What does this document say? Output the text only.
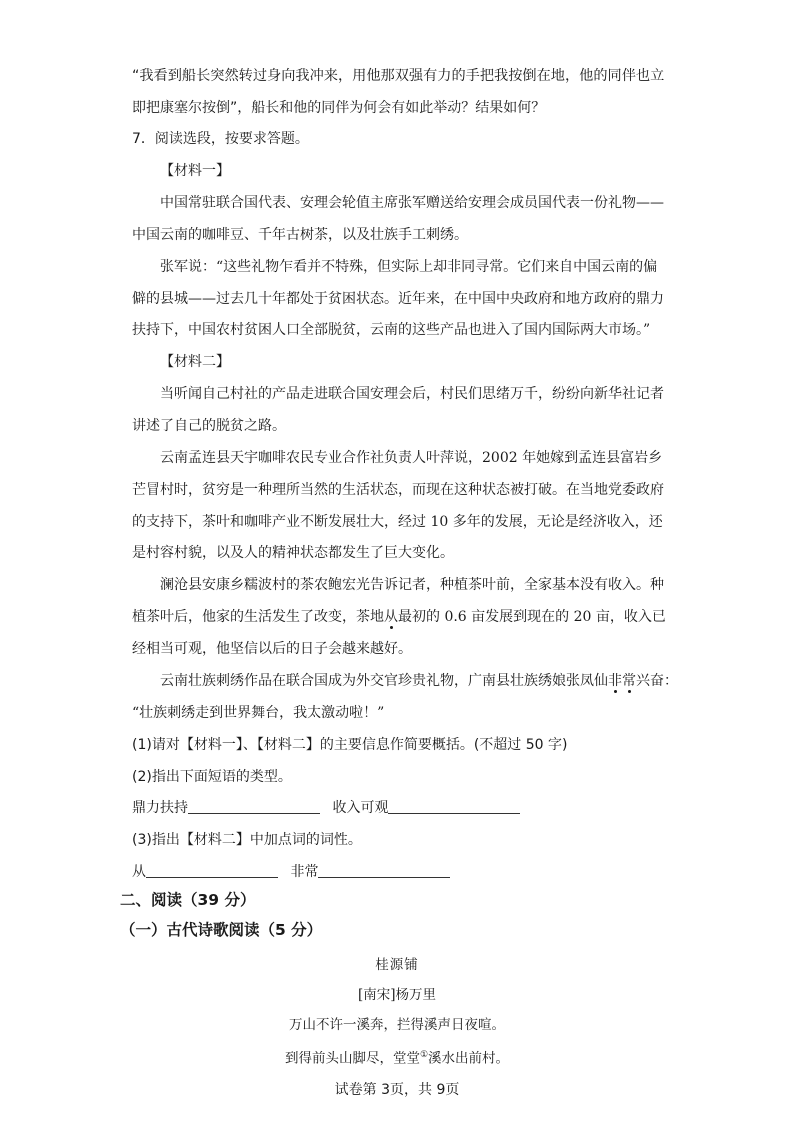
“我看到船长突然转过身向我冲来，用他那双强有力的手把我按倒在地，他的同伴也立
即把康塞尔按倒”，船长和他的同伴为何会有如此举动？结果如何？
7．阅读选段，按要求答题。
【材料一】
中国常驻联合国代表、安理会轮值主席张军赠送给安理会成员国代表一份礼物——
中国云南的咖啡豆、千年古树茶，以及壮族手工刺绣。
张军说：“这些礼物乍看并不特殊，但实际上却非同寻常。它们来自中国云南的偏
僻的县城——过去几十年都处于贫困状态。近年来，在中国中央政府和地方政府的鼎力
扶持下，中国农村贫困人口全部脱贫，云南的这些产品也进入了国内国际两大市场。”
【材料二】
当听闻自己村社的产品走进联合国安理会后，村民们思绪万千，纷纷向新华社记者
讲述了自己的脱贫之路。
云南孟连县天宇咖啡农民专业合作社负责人叶萍说，2002 年她嫁到孟连县富岩乡
芒冒村时，贫穷是一种理所当然的生活状态，而现在这种状态被打破。在当地党委政府
的支持下，茶叶和咖啡产业不断发展壮大，经过 10 多年的发展，无论是经济收入，还
是村容村貌，以及人的精神状态都发生了巨大变化。
澜沧县安康乡糯波村的茶农鲍宏光告诉记者，种植茶叶前，全家基本没有收入。种
植茶叶后，他家的生活发生了改变，茶地从最初的 0.6 亩发展到现在的 20 亩，收入已
经相当可观，他坚信以后的日子会越来越好。
云南壮族刺绣作品在联合国成为外交官珍贵礼物，广南县壮族绣娘张凤仙非常兴奋：
“壮族刺绣走到世界舞台，我太激动啦！”
(1)请对【材料一】、【材料二】的主要信息作简要概括。(不超过 50 字)
(2)指出下面短语的类型。
鼎力扶持	收入可观
(3)指出【材料二】中加点词的词性。
从	非常
二、阅读（39 分）
（一）古代诗歌阅读（5 分）
桂源铺
[南宋]杨万里
万山不许一溪奔，拦得溪声日夜喧。
到得前头山脚尽，堂堂①溪水出前村。
试卷第 3页，共 9页
